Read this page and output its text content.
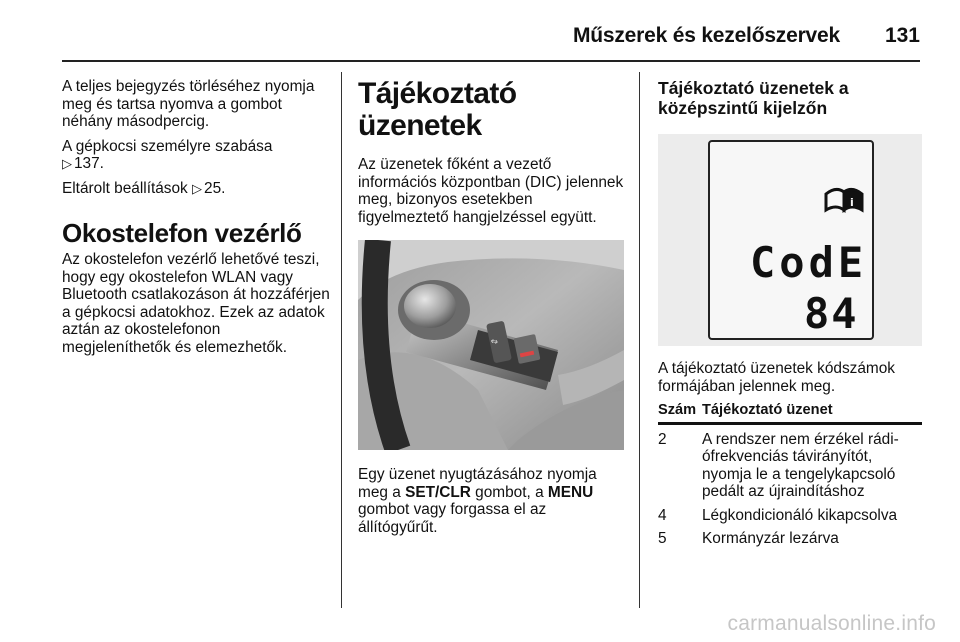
Műszerek és kezelőszervek 131

A teljes bejegyzés törléséhez nyomja meg és tartsa nyomva a gombot néhány másodpercig.

A gépkocsi személyre szabása
▷ 137.

Eltárolt beállítások ▷ 25.

Okostelefon vezérlő

Az okostelefon vezérlő lehetővé teszi, hogy egy okostelefon WLAN vagy Bluetooth csatlakozáson át hozzáférjen a gépkocsi adatokhoz. Ezek az adatok aztán az okostelefonon megjeleníthetők és elemezhetők.

Tájékoztató üzenetek

Az üzenetek főként a vezető információs központban (DIC) jelennek meg, bizonyos esetekben figyelmeztető hangjelzéssel együtt.

⇕

Egy üzenet nyugtázásához nyomja meg a SET/CLR gombot, a MENU gombot vagy forgassa el az állítógyűrűt.

Tájékoztató üzenetek a középszintű kijelzőn
i
CodE
84

A tájékoztató üzenetek kódszámok formájában jelennek meg.

Szám Tájékoztató üzenet
2	A rendszer nem érzékel rádiófrekvenciás távirányítót, nyomja le a tengelykapcsoló pedált az újraindításhoz
4	Légkondicionáló kikapcsolva
5	Kormányzár lezárva
carmanualsonline.info
